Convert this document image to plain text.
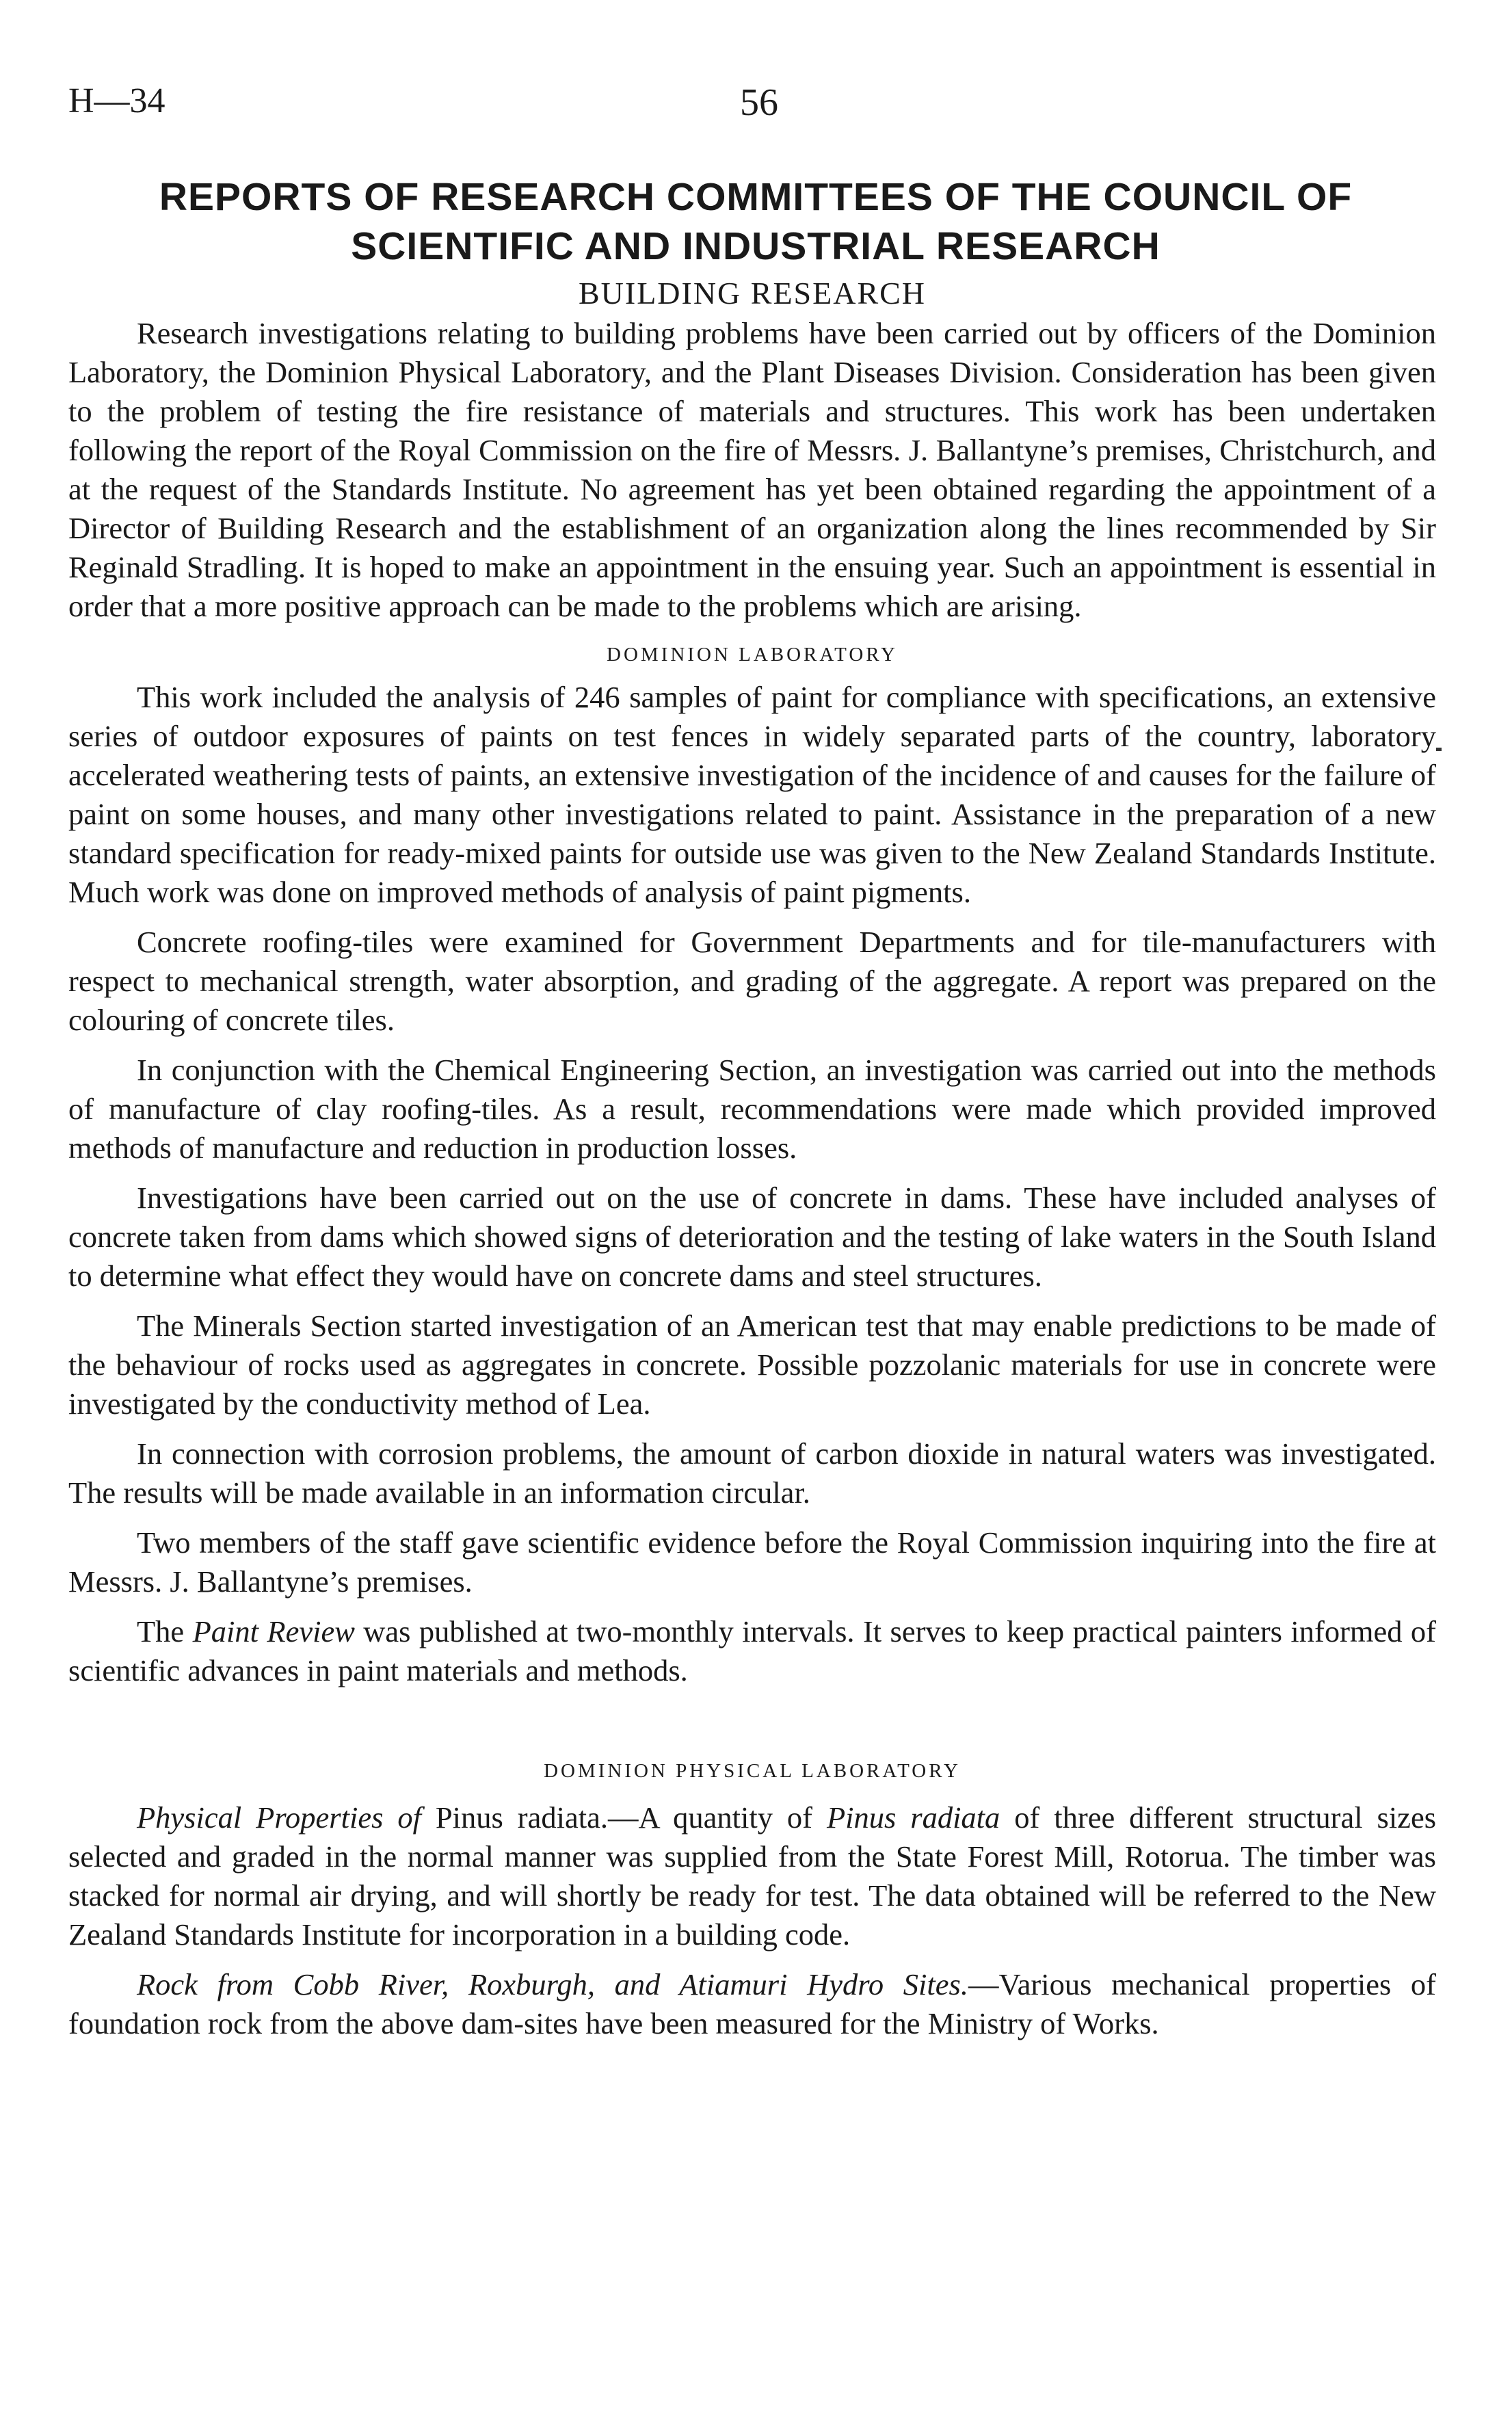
H—34	56
REPORTS OF RESEARCH COMMITTEES OF THE COUNCIL OF
SCIENTIFIC AND INDUSTRIAL RESEARCH
BUILDING RESEARCH

Research investigations relating to building problems have been carried out by officers of the Dominion Laboratory, the Dominion Physical Laboratory, and the Plant Diseases Division. Consideration has been given to the problem of testing the fire resistance of materials and structures. This work has been undertaken following the report of the Royal Commission on the fire of Messrs. J. Ballantyne’s premises, Christchurch, and at the request of the Standards Institute. No agreement has yet been obtained regarding the appointment of a Director of Building Research and the establishment of an organization along the lines recommended by Sir Reginald Stradling. It is hoped to make an appointment in the ensuing year. Such an appointment is essential in order that a more positive approach can be made to the problems which are arising.

DOMINION LABORATORY

This work included the analysis of 246 samples of paint for compliance with specifications, an extensive series of outdoor exposures of paints on test fences in widely separated parts of the country, laboratory accelerated weathering tests of paints, an extensive investigation of the incidence of and causes for the failure of paint on some houses, and many other investigations related to paint. Assistance in the preparation of a new standard specification for ready-mixed paints for outside use was given to the New Zealand Standards Institute. Much work was done on improved methods of analysis of paint pigments.

Concrete roofing-tiles were examined for Government Departments and for tile-manufacturers with respect to mechanical strength, water absorption, and grading of the aggregate. A report was prepared on the colouring of concrete tiles.

In conjunction with the Chemical Engineering Section, an investigation was carried out into the methods of manufacture of clay roofing-tiles. As a result, recommendations were made which provided improved methods of manufacture and reduction in production losses.

Investigations have been carried out on the use of concrete in dams. These have included analyses of concrete taken from dams which showed signs of deterioration and the testing of lake waters in the South Island to determine what effect they would have on concrete dams and steel structures.

The Minerals Section started investigation of an American test that may enable predictions to be made of the behaviour of rocks used as aggregates in concrete. Possible pozzolanic materials for use in concrete were investigated by the conductivity method of Lea.

In connection with corrosion problems, the amount of carbon dioxide in natural waters was investigated. The results will be made available in an information circular.

Two members of the staff gave scientific evidence before the Royal Commission inquiring into the fire at Messrs. J. Ballantyne’s premises.

The Paint Review was published at two-monthly intervals. It serves to keep practical painters informed of scientific advances in paint materials and methods.

DOMINION PHYSICAL LABORATORY

Physical Properties of Pinus radiata.—A quantity of Pinus radiata of three different structural sizes selected and graded in the normal manner was supplied from the State Forest Mill, Rotorua. The timber was stacked for normal air drying, and will shortly be ready for test. The data obtained will be referred to the New Zealand Standards Institute for incorporation in a building code.

Rock from Cobb River, Roxburgh, and Atiamuri Hydro Sites.—Various mechanical properties of foundation rock from the above dam-sites have been measured for the Ministry of Works.
